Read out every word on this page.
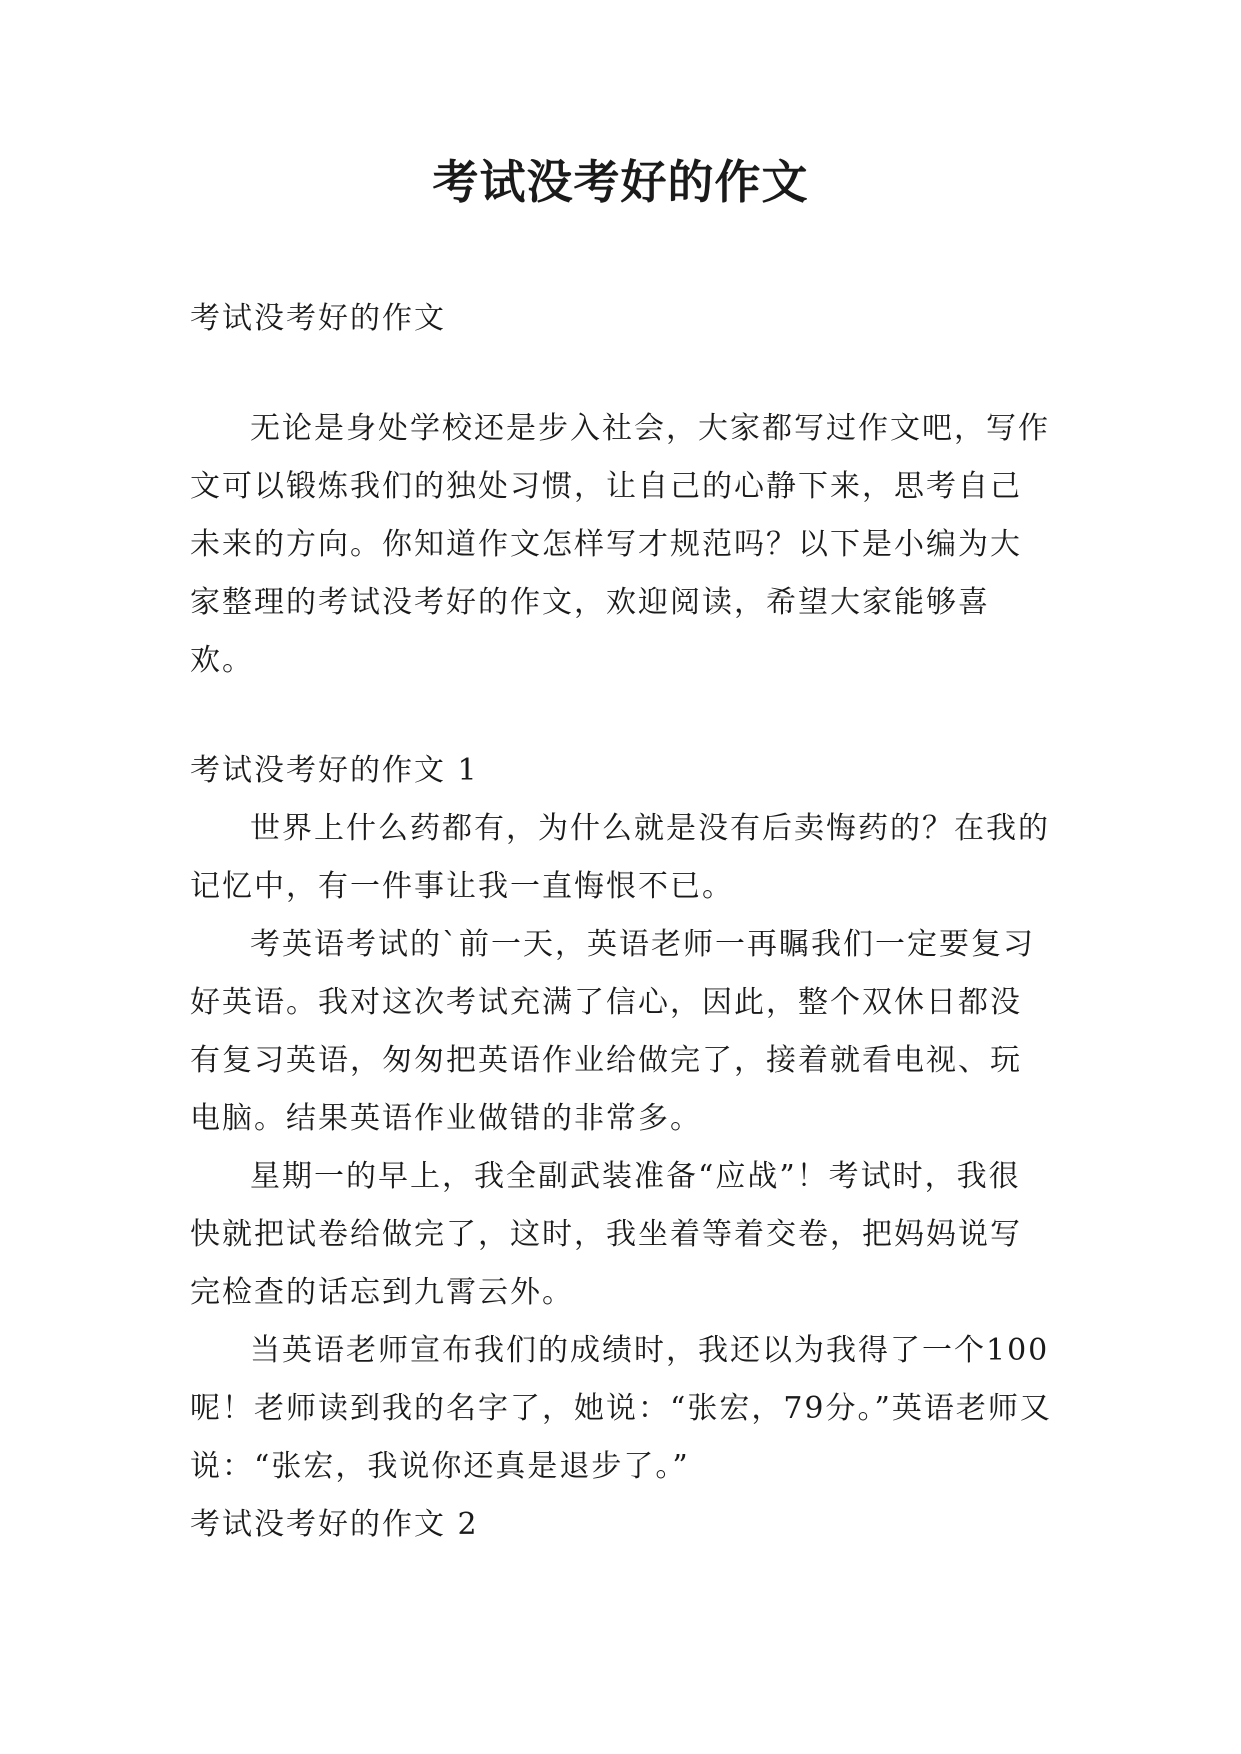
考试没考好的作文

考试没考好的作文

无论是身处学校还是步入社会，大家都写过作文吧，写作文可以锻炼我们的独处习惯，让自己的心静下来，思考自己未来的方向。你知道作文怎样写才规范吗？以下是小编为大家整理的考试没考好的作文，欢迎阅读，希望大家能够喜欢。

考试没考好的作文 1

世界上什么药都有，为什么就是没有后卖悔药的？在我的记忆中，有一件事让我一直悔恨不已。

考英语考试的`前一天，英语老师一再瞩我们一定要复习好英语。我对这次考试充满了信心，因此，整个双休日都没有复习英语，匆匆把英语作业给做完了，接着就看电视、玩电脑。结果英语作业做错的非常多。

星期一的早上，我全副武装准备“应战”！考试时，我很快就把试卷给做完了，这时，我坐着等着交卷，把妈妈说写完检查的话忘到九霄云外。

当英语老师宣布我们的成绩时，我还以为我得了一个100呢！老师读到我的名字了，她说：“张宏，79分。”英语老师又说：“张宏，我说你还真是退步了。”

考试没考好的作文 2
